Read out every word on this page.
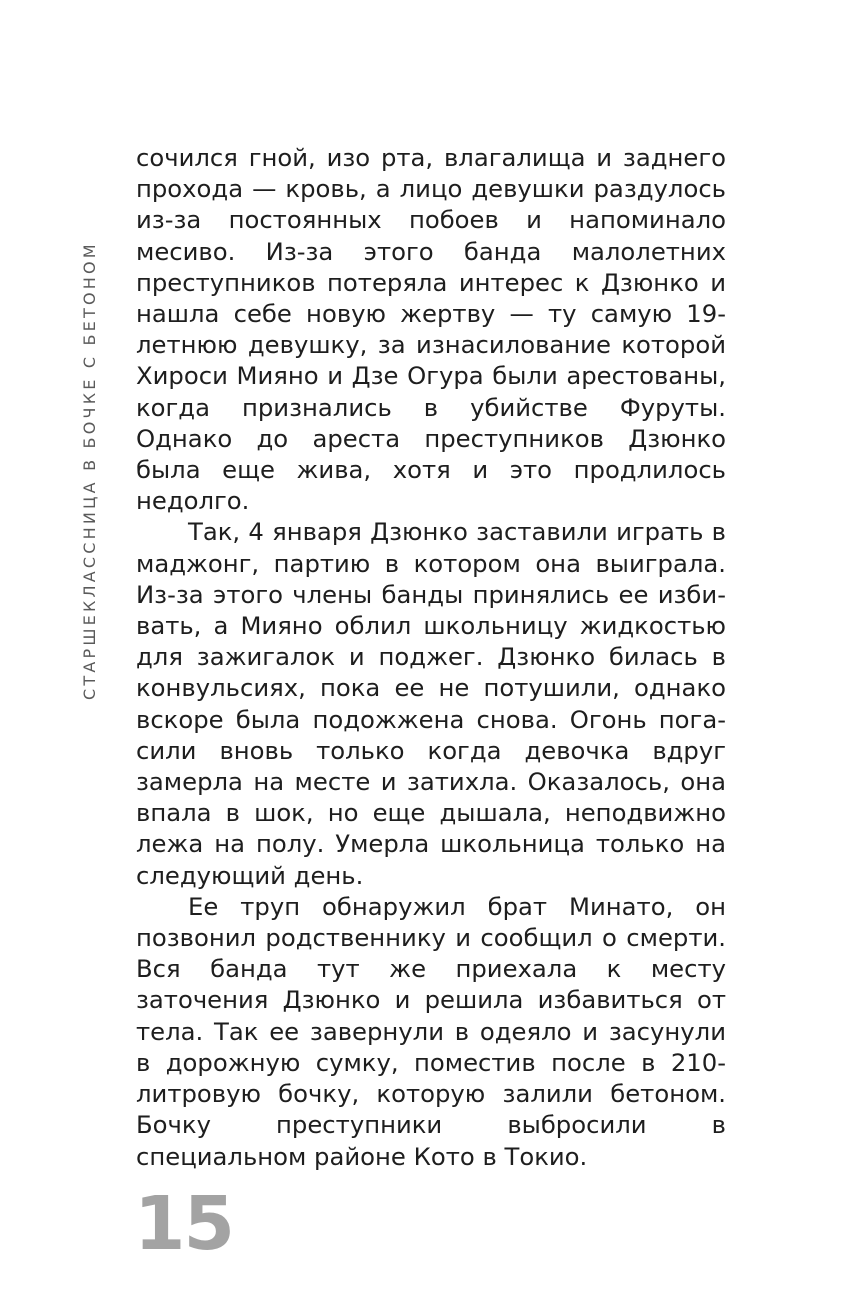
СТАРШЕКЛАССНИЦА В БОЧКЕ С БЕТОНОМ

сочился гной, изо рта, влагалища и заднего прохода — кровь, а лицо девушки раздулось из-за постоянных побоев и напоминало месиво. Из-за этого банда малолетних преступников потеряла интерес к Дзюнко и нашла себе новую жертву — ту самую 19-летнюю девушку, за изнасилование которой Хироси Мияно и Дзе Огура были арестованы, когда признались в убийстве Фуруты. Однако до ареста преступников Дзюнко была еще жива, хотя и это продлилось недолго.

Так, 4 января Дзюнко заставили играть в маджонг, партию в котором она выиграла. Из-за этого члены банды принялись ее избивать, а Мияно облил школьницу жидкостью для зажигалок и поджег. Дзюнко билась в конвульсиях, пока ее не потушили, однако вскоре была подожжена снова. Огонь погасили вновь только когда девочка вдруг замерла на месте и затихла. Оказалось, она впала в шок, но еще дышала, неподвижно лежа на полу. Умерла школьница только на следующий день.

Ее труп обнаружил брат Минато, он позвонил родственнику и сообщил о смерти. Вся банда тут же приехала к месту заточения Дзюнко и решила избавиться от тела. Так ее завернули в одеяло и засунули в дорожную сумку, поместив после в 210-литровую бочку, которую залили бетоном. Бочку преступники выбросили в специальном районе Кото в Токио.

15
